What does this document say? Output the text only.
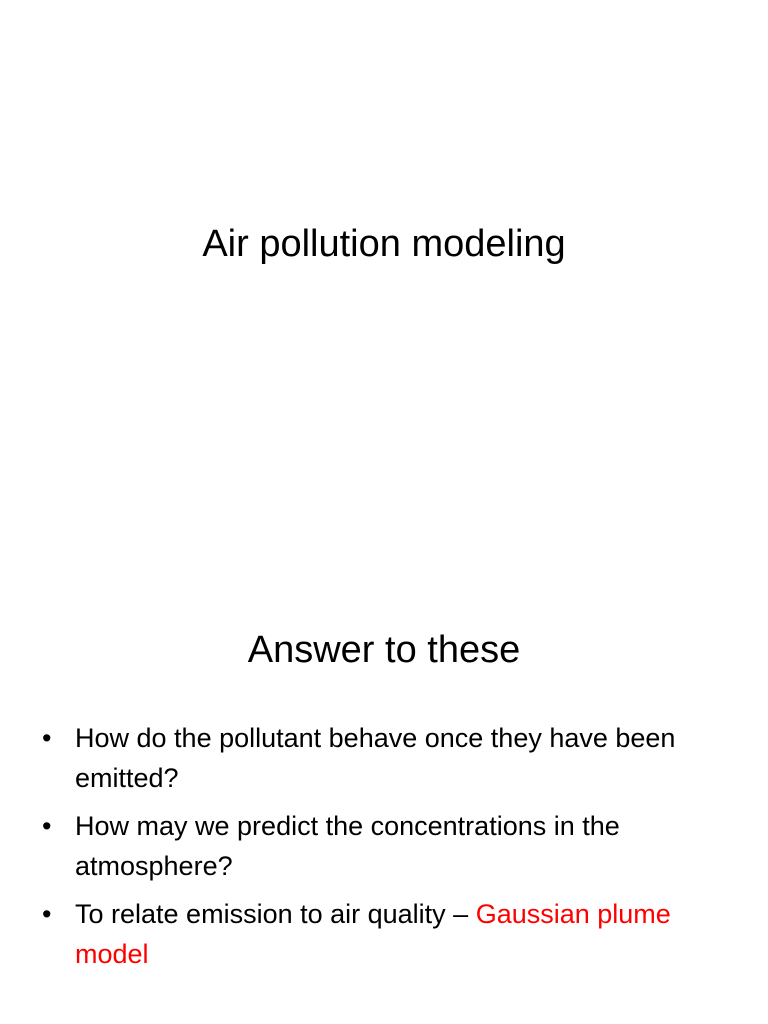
Air pollution modeling
Answer to these
• How do the pollutant behave once they have been emitted?
• How may we predict the concentrations in the atmosphere?
• To relate emission to air quality – Gaussian plume model
